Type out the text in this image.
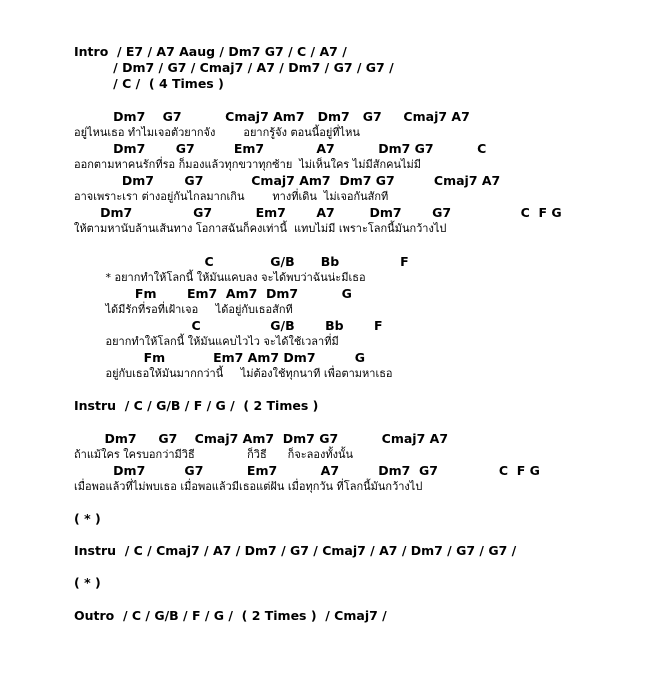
Intro  / E7 / A7 Aaug / Dm7 G7 / C / A7 /
/ Dm7 / G7 / Cmaj7 / A7 / Dm7 / G7 / G7 /
/ C /  ( 4 Times )
Dm7    G7          Cmaj7 Am7   Dm7   G7     Cmaj7 A7
อยู่ไหนเธอ ทำไมเจอตัวยากจัง        อยากรู้จัง ตอนนี้อยู่ที่ไหน
Dm7       G7         Em7            A7          Dm7 G7          C
ออกตามหาคนรักที่รอ ก็มองแล้วทุกขวาทุกซ้าย  ไม่เห็นใคร ไม่มีสักคนไม่มี
Dm7       G7           Cmaj7 Am7  Dm7 G7         Cmaj7 A7
อาจเพราะเรา ต่างอยู่กันไกลมากเกิน        ทางที่เดิน  ไม่เจอกันสักที
Dm7              G7          Em7       A7        Dm7       G7                C  F G
ให้ตามหานับล้านเส้นทาง โอกาสฉันก็คงเท่านี้  แทบไม่มี เพราะโลกนี้มันกว้างไป
C             G/B      Bb              F
* อยากทำให้โลกนี้ ให้มันแคบลง จะได้พบว่าฉันน่ะมีเธอ
Fm       Em7  Am7  Dm7          G
ได้มีรักที่รอที่เฝ้าเจอ     ได้อยู่กับเธอสักที
C                G/B       Bb       F
อยากทำให้โลกนี้ ให้มันแคบไวไว จะได้ใช้เวลาที่มี
Fm           Em7 Am7 Dm7         G
อยู่กับเธอให้มันมากกว่านี้     ไม่ต้องใช้ทุกนาที เพื่อตามหาเธอ
Instru  / C / G/B / F / G /  ( 2 Times )
Dm7     G7    Cmaj7 Am7  Dm7 G7          Cmaj7 A7
ถ้าแม้ใคร ใครบอกว่ามีวิธี               ก็วิธี      ก็จะลองทั้งนั้น
Dm7         G7          Em7          A7         Dm7  G7              C  F G
เมื่อพอแล้วที่ไม่พบเธอ เมื่อพอแล้วมีเธอแต่ฝัน เมื่อทุกวัน ที่โลกนี้มันกว้างไป
( * )
Instru  / C / Cmaj7 / A7 / Dm7 / G7 / Cmaj7 / A7 / Dm7 / G7 / G7 /
( * )
Outro  / C / G/B / F / G /  ( 2 Times )  / Cmaj7 /
